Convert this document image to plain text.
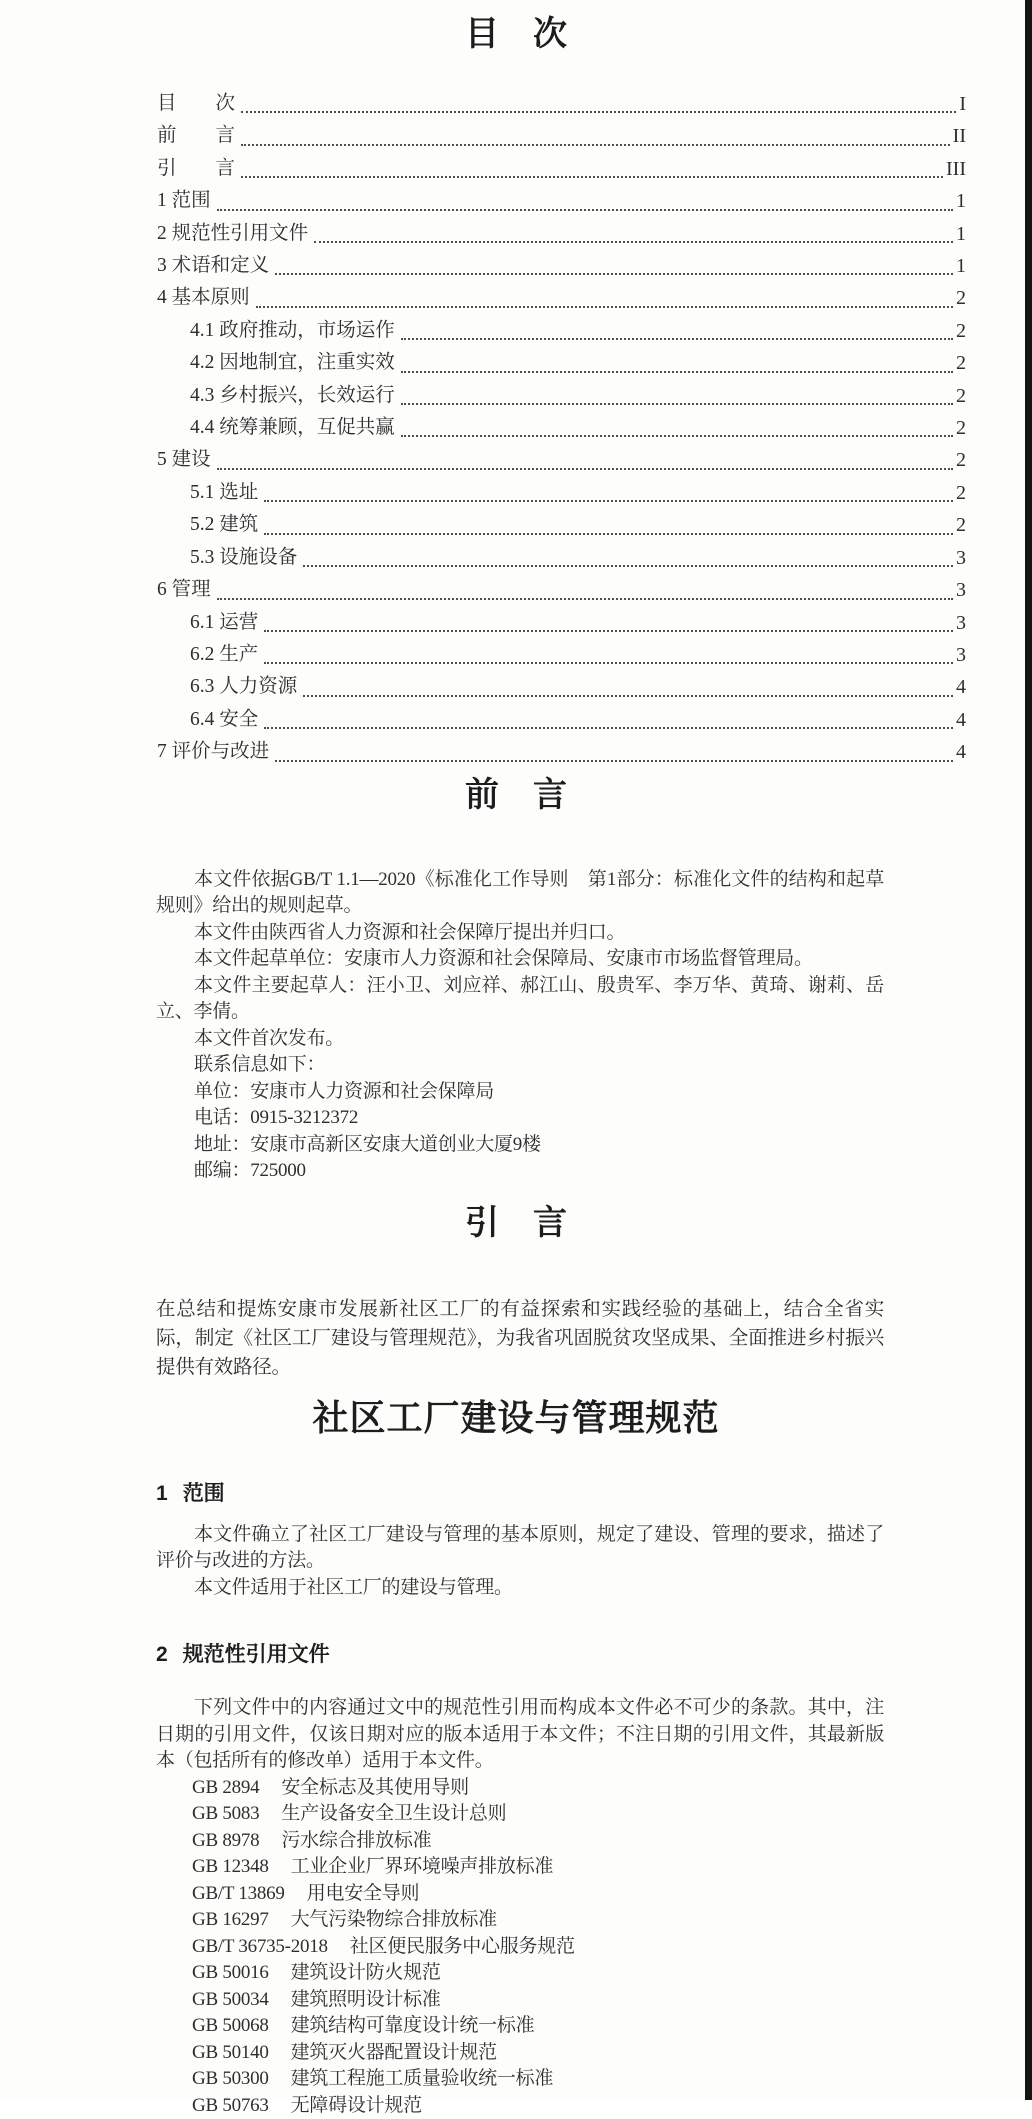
目　次
目　　次	I
前　　言	II
引　　言	III
1 范围	1
2 规范性引用文件	1
3 术语和定义	1
4 基本原则	2
4.1 政府推动，市场运作	2
4.2 因地制宜，注重实效	2
4.3 乡村振兴，长效运行	2
4.4 统筹兼顾，互促共赢	2
5 建设	2
5.1 选址	2
5.2 建筑	2
5.3 设施设备	3
6 管理	3
6.1 运营	3
6.2 生产	3
6.3 人力资源	4
6.4 安全	4
7 评价与改进	4
前　言

本文件依据GB/T 1.1—2020《标准化工作导则　第1部分：标准化文件的结构和起草规则》给出的规则起草。

本文件由陕西省人力资源和社会保障厅提出并归口。

本文件起草单位：安康市人力资源和社会保障局、安康市市场监督管理局。

本文件主要起草人：汪小卫、刘应祥、郝江山、殷贵军、李万华、黄琦、谢莉、岳立、李倩。

本文件首次发布。

联系信息如下：

单位：安康市人力资源和社会保障局

电话：0915-3212372

地址：安康市高新区安康大道创业大厦9楼

邮编：725000

引　言

在总结和提炼安康市发展新社区工厂的有益探索和实践经验的基础上，结合全省实际，制定《社区工厂建设与管理规范》，为我省巩固脱贫攻坚成果、全面推进乡村振兴提供有效路径。

社区工厂建设与管理规范
1 范围

本文件确立了社区工厂建设与管理的基本原则，规定了建设、管理的要求，描述了评价与改进的方法。

本文件适用于社区工厂的建设与管理。

2 规范性引用文件

下列文件中的内容通过文中的规范性引用而构成本文件必不可少的条款。其中，注日期的引用文件，仅该日期对应的版本适用于本文件；不注日期的引用文件，其最新版本（包括所有的修改单）适用于本文件。

GB 2894 安全标志及其使用导则

GB 5083 生产设备安全卫生设计总则

GB 8978 污水综合排放标准

GB 12348 工业企业厂界环境噪声排放标准

GB/T 13869 用电安全导则

GB 16297 大气污染物综合排放标准

GB/T 36735-2018 社区便民服务中心服务规范

GB 50016 建筑设计防火规范

GB 50034 建筑照明设计标准

GB 50068 建筑结构可靠度设计统一标准

GB 50140 建筑灭火器配置设计规范

GB 50300 建筑工程施工质量验收统一标准

GB 50763 无障碍设计规范
